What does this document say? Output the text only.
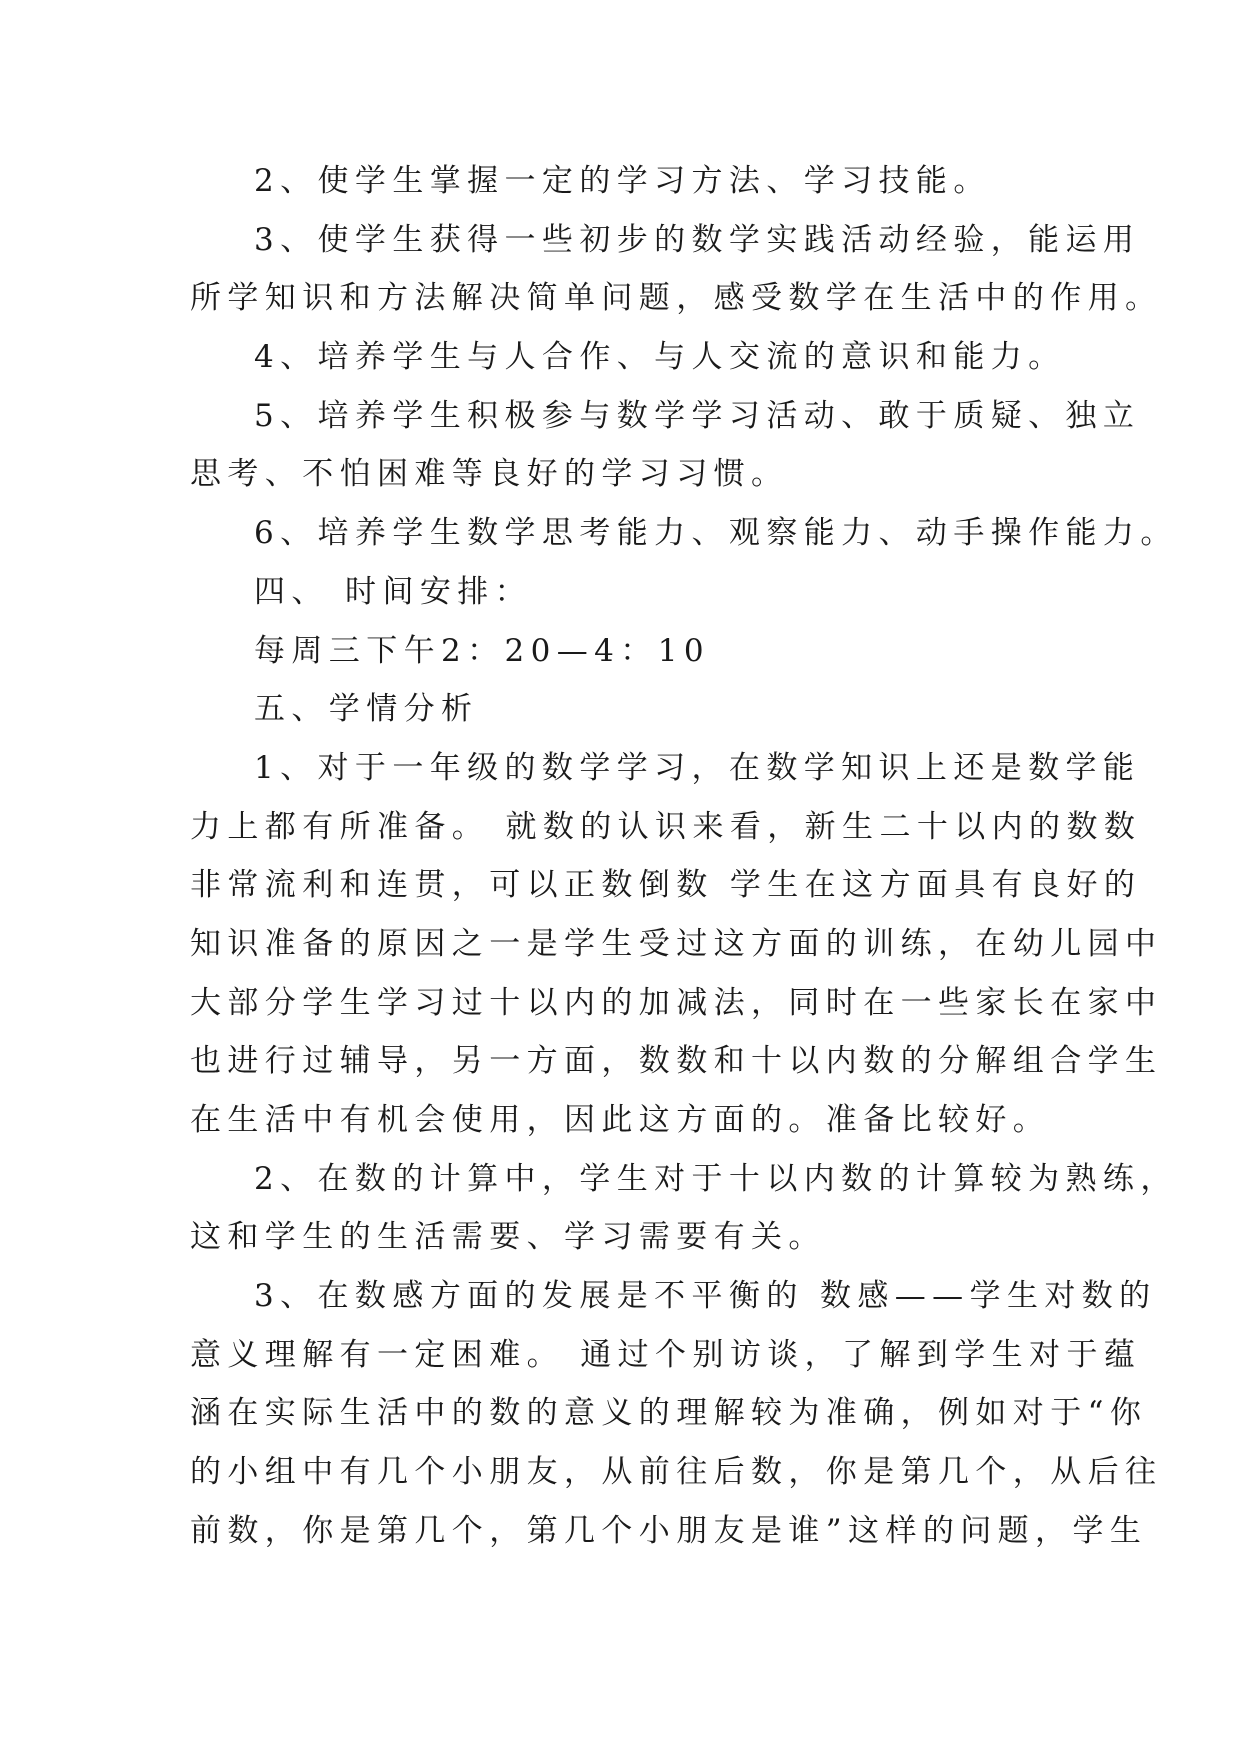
2、使学生掌握一定的学习方法、学习技能。
3、使学生获得一些初步的数学实践活动经验，能运用
所学知识和方法解决简单问题，感受数学在生活中的作用。
4、培养学生与人合作、与人交流的意识和能力。
5、培养学生积极参与数学学习活动、敢于质疑、独立
思考、不怕困难等良好的学习习惯。
6、培养学生数学思考能力、观察能力、动手操作能力。
四、 时间安排：
每周三下午2：20—4：10
五、学情分析
1、对于一年级的数学学习，在数学知识上还是数学能
力上都有所准备。 就数的认识来看，新生二十以内的数数
非常流利和连贯，可以正数倒数 学生在这方面具有良好的
知识准备的原因之一是学生受过这方面的训练，在幼儿园中
大部分学生学习过十以内的加减法，同时在一些家长在家中
也进行过辅导，另一方面，数数和十以内数的分解组合学生
在生活中有机会使用，因此这方面的。准备比较好。
2、在数的计算中，学生对于十以内数的计算较为熟练，
这和学生的生活需要、学习需要有关。
3、在数感方面的发展是不平衡的 数感——学生对数的
意义理解有一定困难。 通过个别访谈，了解到学生对于蕴
涵在实际生活中的数的意义的理解较为准确，例如对于“你
的小组中有几个小朋友，从前往后数，你是第几个，从后往
前数，你是第几个，第几个小朋友是谁”这样的问题，学生
